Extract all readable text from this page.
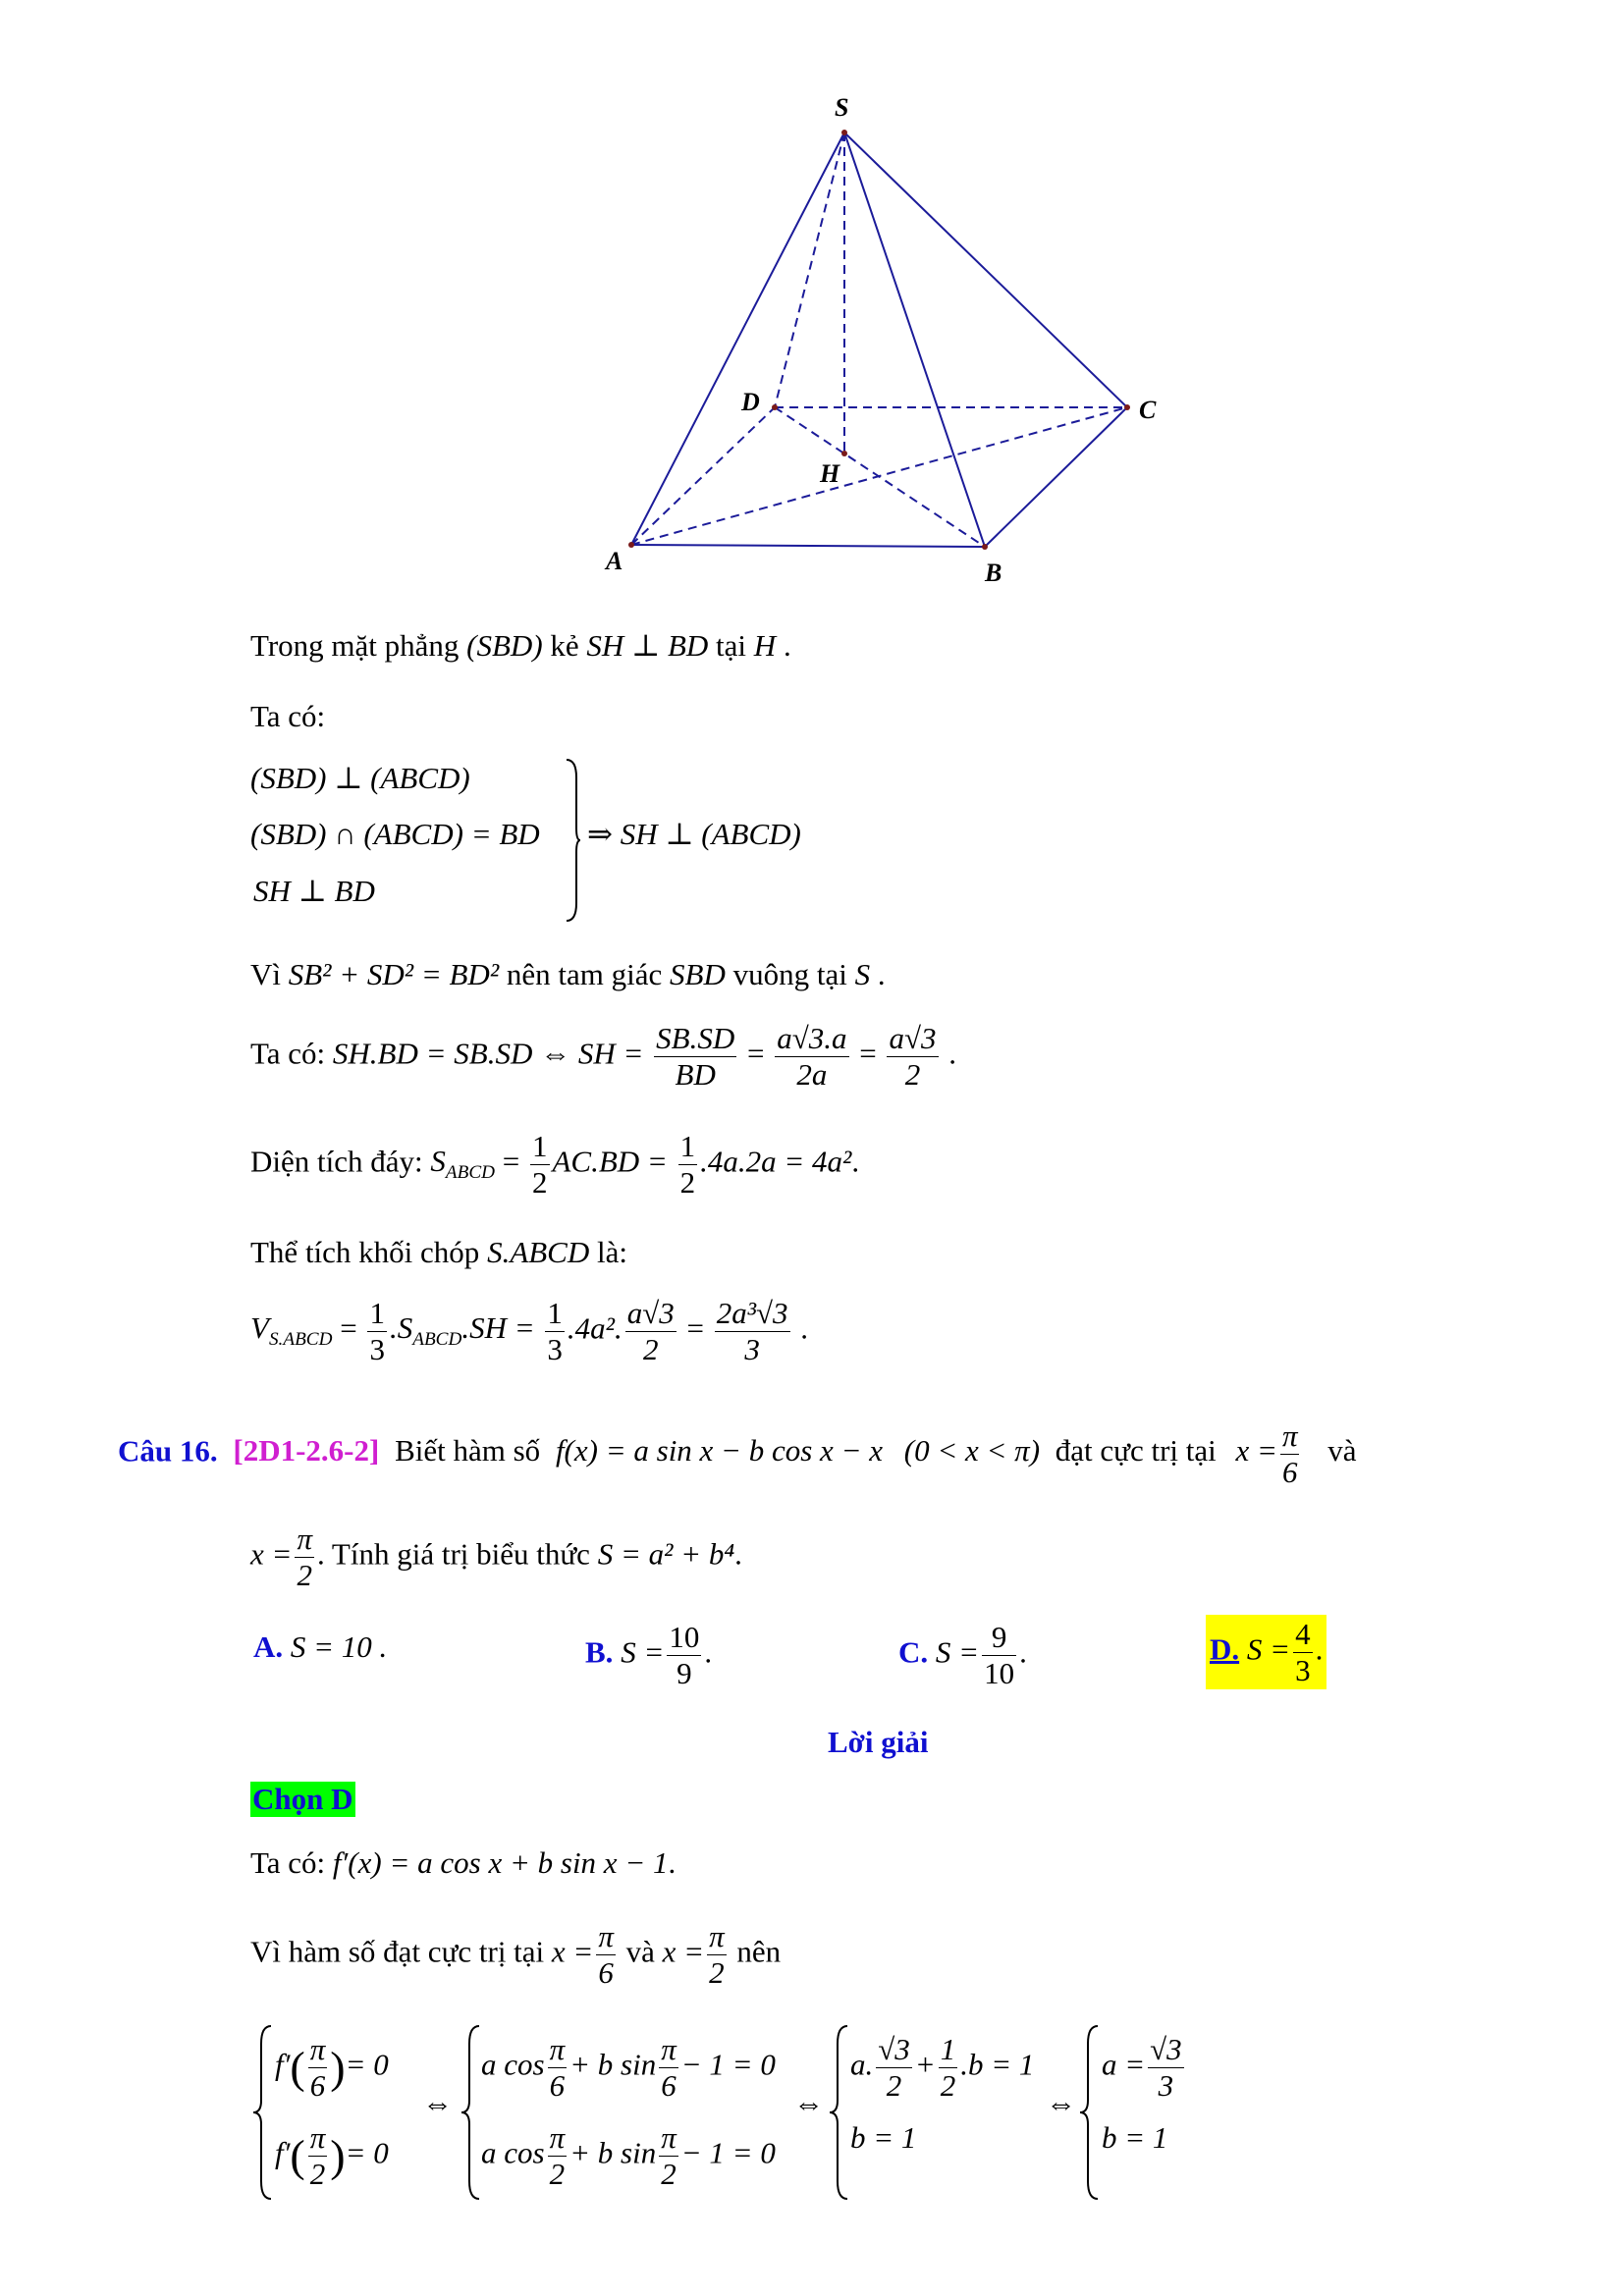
S
D	C
H
A	B
Trong mặt phẳng (SBD) kẻ SH ⊥ BD tại H .
Ta có:
(SBD) ⊥ (ABCD)
(SBD) ∩ (ABCD) = BD
SH ⊥ BD
⇒ SH ⊥ (ABCD)
Vì SB² + SD² = BD² nên tam giác SBD vuông tại S .
Ta có: SH.BD = SB.SD ⇔ SH = $\frac{SB.SD}{BD} = \frac{a√3.a}{2a} = \frac{a√3}{2}$ .
Diện tích đáy: $S_{ABCD} = \frac{1}{2} AC.BD = \frac{1}{2} .4a.2a = 4a^2$.
Thể tích khối chóp S.ABCD là:
$V_{S.ABCD} = \frac{1}{3} .S_{ABCD}.SH = \frac{1}{3} .4a^2$. $\frac{a√3}{2} = \frac{\text{2a³√3}}{3}$ .
Câu 16. [2D1-2.6-2] Biết hàm số f(x) = a sin x − b cos x − x (0 < x < π) đạt cực trị tại $x = \frac{\pi}{6}$ và
$x = \frac{\pi}{2}$ . Tính giá trị biểu thức S = a² + b⁴.
A. S = 10 .	B. $S = \frac{10}{9}$ .	C. $S = \frac{9}{10}$ .	D. $S = \frac{4}{3}$ .
Lời giải
Chọn D
Ta có: f′(x) = a cos x + b sin x − 1.
Vì hàm số đạt cực trị tại $x = \frac{\pi}{6}$ và $x = \frac{\pi}{2}$ nên
$f'( \frac{\pi}{6}$ )= 0
$f'( \frac{\pi}{2}$ )= 0
⇔
a $\cos \frac{\pi}{6} + b$ $\sin \frac{\pi}{6} - 1 = 0$
a $\cos \frac{\pi}{2} + b$ $\sin \frac{\pi}{2} - 1 = 0$
⇔
a. $\frac{√3}{2} + \frac{1}{2} .b = 1$
b = 1
⇔
$a = \frac{√3}{3}$
b = 1
